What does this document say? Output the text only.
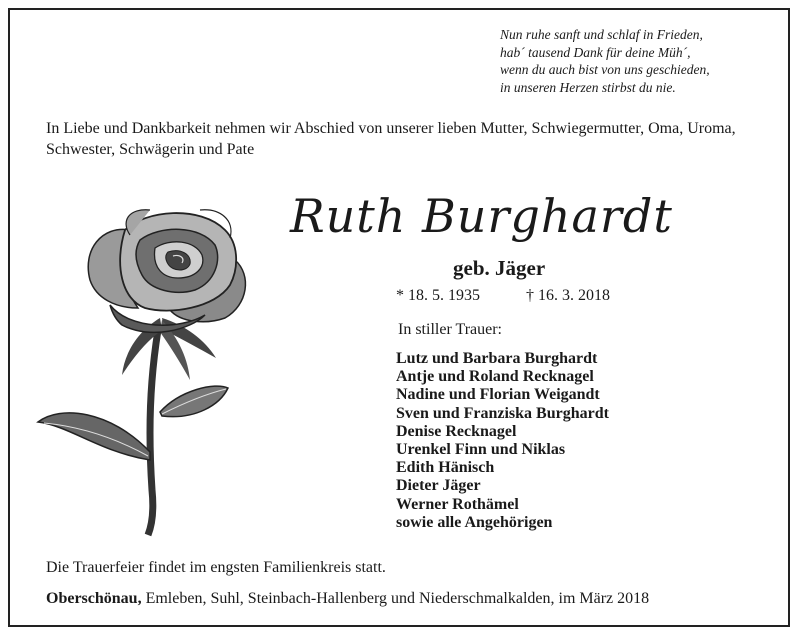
Nun ruhe sanft und schlaf in Frieden,
hab´ tausend Dank für deine Müh´,
wenn du auch bist von uns geschieden,
in unseren Herzen stirbst du nie.
In Liebe und Dankbarkeit nehmen wir Abschied von unserer lieben Mutter, Schwiegermutter, Oma, Uroma, Schwester, Schwägerin und Pate
Ruth Burghardt
geb. Jäger
* 18. 5. 1935	† 16. 3. 2018
In stiller Trauer:
Lutz und Barbara Burghardt
Antje und Roland Recknagel
Nadine und Florian Weigandt
Sven und Franziska Burghardt
Denise Recknagel
Urenkel Finn und Niklas
Edith Hänisch
Dieter Jäger
Werner Rothämel
sowie alle Angehörigen
Die Trauerfeier findet im engsten Familienkreis statt.
Oberschönau, Emleben, Suhl, Steinbach-Hallenberg und Niederschmalkalden, im März 2018
